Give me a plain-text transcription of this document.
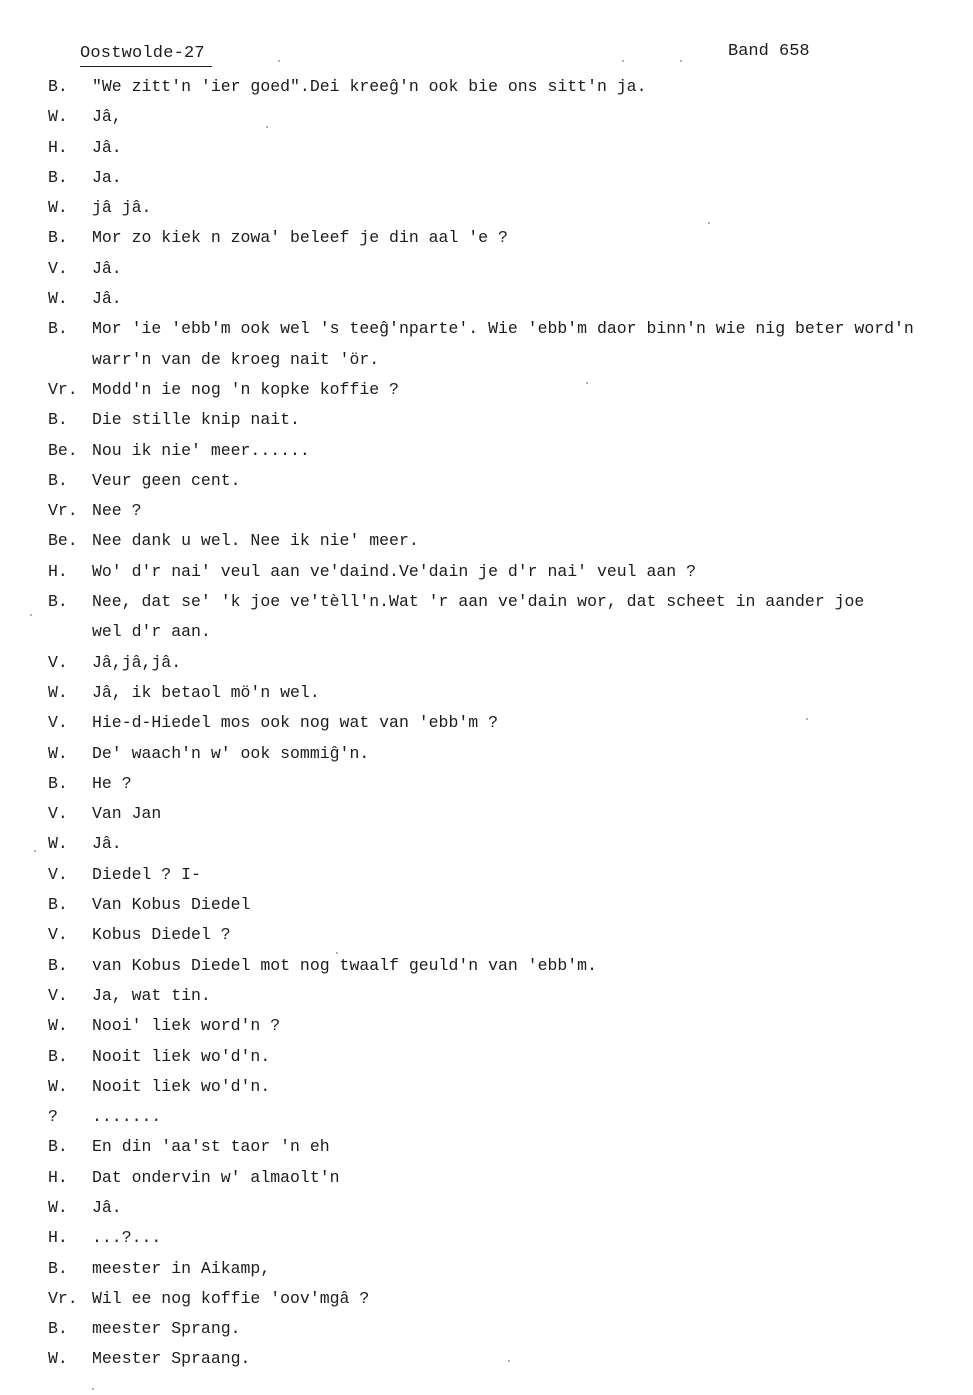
Oostwolde-27	Band 658
B. "We zitt'n 'ier goed".Dei kreeĝ'n ook bie ons sitt'n ja.
W. Jâ,
H. Jâ.
B. Ja.
W. jâ jâ.
B. Mor zo kiek n zowa' beleef je din aal 'e ?
V. Jâ.
W. Jâ.
B. Mor 'ie 'ebb'm ook wel 's teeĝ'nparte'. Wie 'ebb'm daor binn'n wie nig beter word'n
warr'n van de kroeg nait 'ör.
Vr. Modd'n ie nog 'n kopke koffie ?
B. Die stille knip nait.
Be. Nou ik nie' meer......
B. Veur geen cent.
Vr. Nee ?
Be. Nee dank u wel. Nee ik nie' meer.
H. Wo' d'r nai' veul aan ve'daind.Ve'dain je d'r nai' veul aan ?
B. Nee, dat se' 'k joe ve'tèll'n.Wat 'r aan ve'dain wor, dat scheet in aander joe
wel d'r aan.
V. Jâ,jâ,jâ.
W. Jâ, ik betaol mö'n wel.
V. Hie-d-Hiedel mos ook nog wat van 'ebb'm ?
W. De' waach'n w' ook sommiĝ'n.
B. He ?
V. Van Jan
W. Jâ.
V. Diedel ? I-
B. Van Kobus Diedel
V. Kobus Diedel ?
B. van Kobus Diedel mot nog twaalf geuld'n van 'ebb'm.
V. Ja, wat tin.
W. Nooi' liek word'n ?
B. Nooit liek wo'd'n.
W. Nooit liek wo'd'n.
? .......
B. En din 'aa'st taor 'n eh
H. Dat ondervin w' almaolt'n
W. Jâ.
H. ...?...
B. meester in Aikamp,
Vr. Wil ee nog koffie 'oov'mgâ ?
B. meester Sprang.
W. Meester Spraang.
